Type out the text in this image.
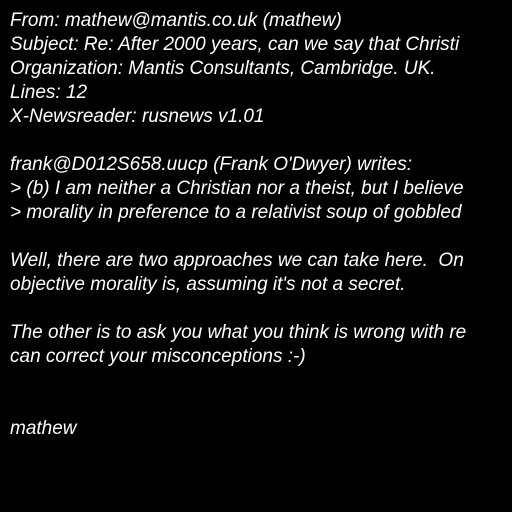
From: mathew@mantis.co.uk (mathew)
Subject: Re: After 2000 years, can we say that Christi
Organization: Mantis Consultants, Cambridge. UK.
Lines: 12
X-Newsreader: rusnews v1.01
frank@D012S658.uucp (Frank O'Dwyer) writes:
> (b) I am neither a Christian nor a theist, but I believe
> morality in preference to a relativist soup of gobbled
Well, there are two approaches we can take here.  On
objective morality is, assuming it's not a secret.
The other is to ask you what you think is wrong with re
can correct your misconceptions :-)
mathew
